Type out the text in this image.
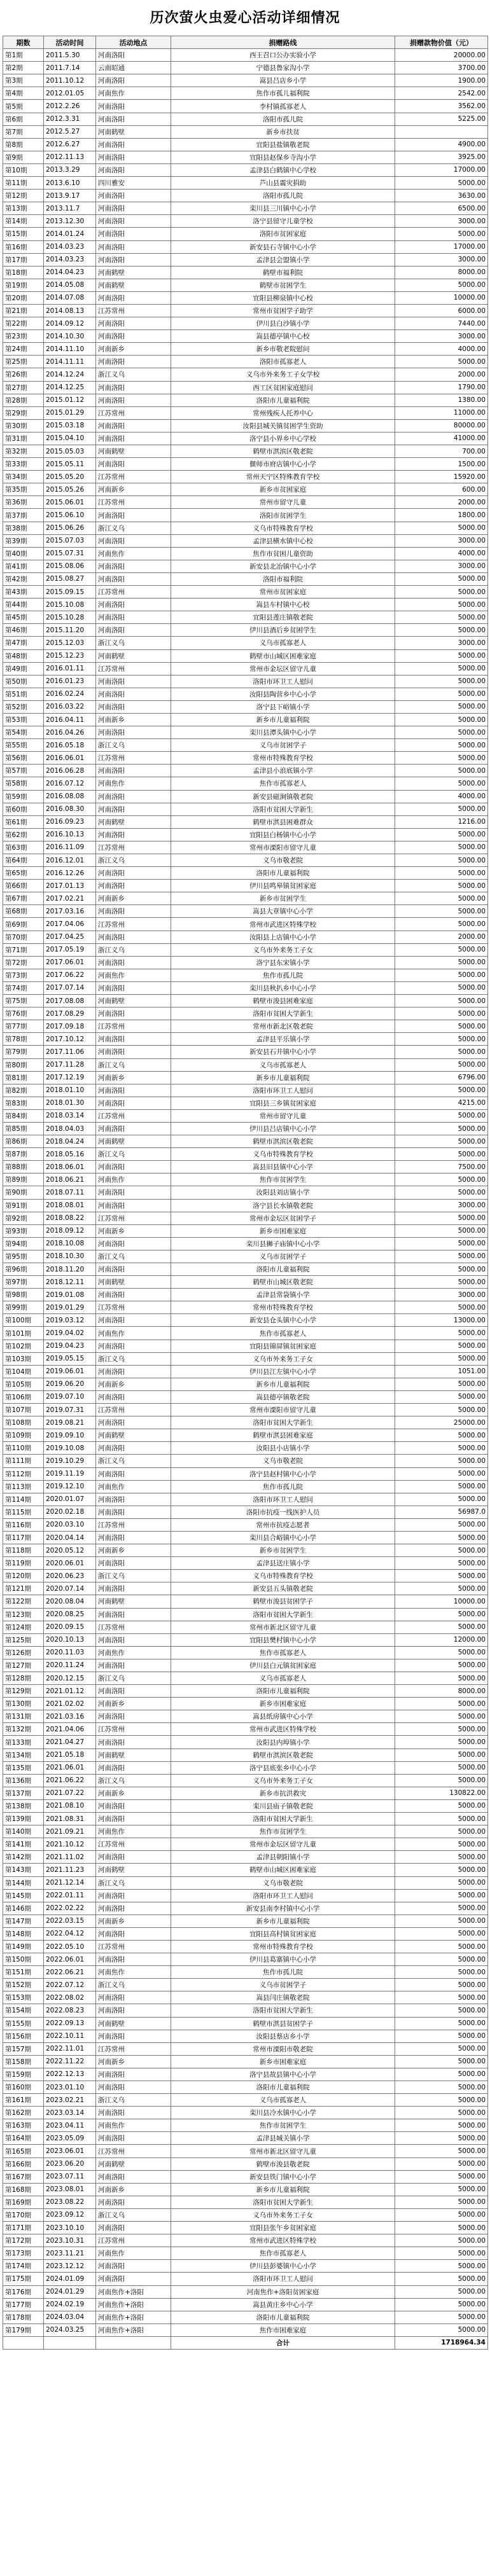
历次萤火虫爱心活动详细情况
期数	活动时间	活动地点	捐赠路线	捐赠款物价值（元）
第1期	2011.5.30	河南洛阳	西王召口公办实验小学	20000.00
第2期	2011.7.14	云南昭通	宁德县鲁家沟小学	3700.00
第3期	2011.10.12	河南洛阳	嵩县吕店乡小学	1900.00
第4期	2012.01.05	河南焦作	焦作市孤儿福利院	2542.00
第5期	2012.2.26	河南洛阳	李村镇孤寡老人	3562.00
第6期	2012.3.31	河南洛阳	洛阳市孤儿院	5225.00
第7期	2012.5.27	河南鹤壁	新乡市扶贫	
第8期	2012.6.27	河南洛阳	宜阳县盐镇敬老院	4900.00
第9期	2012.11.13	河南洛阳	宜阳县赵保乡寺沟小学	3925.00
第10期	2013.3.29	河南洛阳	孟津县白鹤镇中心学校	17000.00
第11期	2013.6.10	四川雅安	芦山县震灾捐助	5000.00
第12期	2013.9.17	河南洛阳	洛阳市孤儿院	3630.00
第13期	2013.11.7	河南洛阳	栾川县三川镇中心小学	6500.00
第14期	2013.12.30	河南洛阳	洛宁县留守儿童学校	3000.00
第15期	2014.01.24	河南洛阳	洛阳市贫困家庭	5000.00
第16期	2014.03.23	河南洛阳	新安县石寺镇中心小学	17000.00
第17期	2014.03.23	河南洛阳	孟津县会盟镇小学	3000.00
第18期	2014.04.23	河南鹤壁	鹤壁市福利院	8000.00
第19期	2014.05.08	河南鹤壁	鹤壁市贫困学生	5000.00
第20期	2014.07.08	河南洛阳	宜阳县柳泉镇中心校	10000.00
第21期	2014.08.13	江苏常州	常州市贫困学子助学	6000.00
第22期	2014.09.12	河南洛阳	伊川县白沙镇小学	7440.00
第23期	2014.10.30	河南洛阳	嵩县德亭镇中心校	3000.00
第24期	2014.11.10	河南新乡	新乡市敬老院慰问	4000.00
第25期	2014.11.11	河南洛阳	洛阳市孤寡老人	5000.00
第26期	2014.12.24	浙江义乌	义乌市外来务工子女学校	2000.00
第27期	2014.12.25	河南洛阳	西工区贫困家庭慰问	1790.00
第28期	2015.01.12	河南洛阳	洛阳市儿童福利院	1380.00
第29期	2015.01.29	江苏常州	常州残疾人托养中心	11000.00
第30期	2015.03.18	河南洛阳	汝阳县城关镇贫困学生资助	80000.00
第31期	2015.04.10	河南洛阳	洛宁县小界乡中心学校	41000.00
第32期	2015.05.03	河南鹤壁	鹤壁市淇滨区敬老院	700.00
第33期	2015.05.11	河南洛阳	偃师市府店镇中心小学	1500.00
第34期	2015.05.20	江苏常州	常州天宁区特殊教育学校	15920.00
第35期	2015.05.26	河南新乡	新乡市贫困家庭	600.00
第36期	2015.06.01	江苏常州	常州市留守儿童	2000.00
第37期	2015.06.10	河南洛阳	洛阳市贫困学生	1800.00
第38期	2015.06.26	浙江义乌	义乌市特殊教育学校	5000.00
第39期	2015.07.03	河南洛阳	孟津县横水镇中心校	3000.00
第40期	2015.07.31	河南焦作	焦作市贫困儿童资助	4000.00
第41期	2015.08.06	河南洛阳	新安县北冶镇中心小学	3000.00
第42期	2015.08.27	河南洛阳	洛阳市福利院	5000.00
第43期	2015.09.15	江苏常州	常州市贫困家庭	5000.00
第44期	2015.10.08	河南洛阳	嵩县车村镇中心校	5000.00
第45期	2015.10.28	河南洛阳	宜阳县莲庄镇敬老院	5000.00
第46期	2015.11.20	河南洛阳	伊川县酒后乡贫困学生	5000.00
第47期	2015.12.03	浙江义乌	义乌市孤寡老人	3000.00
第48期	2015.12.23	河南鹤壁	鹤壁市山城区困难家庭	5000.00
第49期	2016.01.11	江苏常州	常州市金坛区留守儿童	5000.00
第50期	2016.01.23	河南洛阳	洛阳市环卫工人慰问	5000.00
第51期	2016.02.24	河南洛阳	汝阳县陶营乡中心小学	5000.00
第52期	2016.03.22	河南洛阳	洛宁县下峪镇小学	5000.00
第53期	2016.04.11	河南新乡	新乡市儿童福利院	5000.00
第54期	2016.04.26	河南洛阳	栾川县潭头镇中心小学	5000.00
第55期	2016.05.18	浙江义乌	义乌市贫困学子	5000.00
第56期	2016.06.01	江苏常州	常州市特殊教育学校	5000.00
第57期	2016.06.28	河南洛阳	孟津县小浪底镇小学	5000.00
第58期	2016.07.12	河南焦作	焦作市孤寡老人	5000.00
第59期	2016.08.08	河南洛阳	新安县磁涧镇敬老院	4000.00
第60期	2016.08.30	河南洛阳	洛阳市贫困大学新生	5000.00
第61期	2016.09.23	河南鹤壁	鹤壁市淇县困难群众	1216.00
第62期	2016.10.13	河南洛阳	宜阳县白杨镇中心小学	5000.00
第63期	2016.11.09	江苏常州	常州市溧阳市留守儿童	5000.00
第64期	2016.12.01	浙江义乌	义乌市敬老院	5000.00
第65期	2016.12.26	河南洛阳	洛阳市儿童福利院	5000.00
第66期	2017.01.13	河南洛阳	伊川县鸣皋镇贫困家庭	5000.00
第67期	2017.02.21	河南新乡	新乡市贫困学生	5000.00
第68期	2017.03.16	河南洛阳	嵩县大章镇中心小学	5000.00
第69期	2017.04.06	江苏常州	常州市武进区特殊学校	5000.00
第70期	2017.04.25	河南洛阳	汝阳县上店镇中心小学	2000.00
第71期	2017.05.19	浙江义乌	义乌市外来务工子女	5000.00
第72期	2017.06.01	河南洛阳	洛宁县东宋镇小学	5000.00
第73期	2017.06.22	河南焦作	焦作市孤儿院	5000.00
第74期	2017.07.14	河南洛阳	栾川县秋扒乡中心小学	5000.00
第75期	2017.08.08	河南鹤壁	鹤壁市浚县困难家庭	5000.00
第76期	2017.08.29	河南洛阳	洛阳市贫困大学新生	5000.00
第77期	2017.09.18	江苏常州	常州市新北区敬老院	5000.00
第78期	2017.10.12	河南洛阳	孟津县平乐镇小学	5000.00
第79期	2017.11.06	河南洛阳	新安县石井镇中心小学	5000.00
第80期	2017.11.28	浙江义乌	义乌市孤寡老人	5000.00
第81期	2017.12.19	河南新乡	新乡市儿童福利院	6796.00
第82期	2018.01.10	河南洛阳	洛阳市环卫工人慰问	5000.00
第83期	2018.01.30	河南洛阳	宜阳县三乡镇贫困家庭	4215.00
第84期	2018.03.14	江苏常州	常州市留守儿童	5000.00
第85期	2018.04.03	河南洛阳	伊川县吕店镇中心小学	5000.00
第86期	2018.04.24	河南鹤壁	鹤壁市淇滨区敬老院	5000.00
第87期	2018.05.16	浙江义乌	义乌市特殊教育学校	5000.00
第88期	2018.06.01	河南洛阳	嵩县旧县镇中心小学	7500.00
第89期	2018.06.21	河南焦作	焦作市贫困学生	5000.00
第90期	2018.07.11	河南洛阳	汝阳县刘店镇小学	5000.00
第91期	2018.08.01	河南洛阳	洛宁县长水镇敬老院	3000.00
第92期	2018.08.22	江苏常州	常州市金坛区贫困学子	5000.00
第93期	2018.09.12	河南新乡	新乡市困难家庭	5000.00
第94期	2018.10.08	河南洛阳	栾川县狮子庙镇中心小学	5000.00
第95期	2018.10.30	浙江义乌	义乌市贫困学子	5000.00
第96期	2018.11.20	河南洛阳	洛阳市儿童福利院	5000.00
第97期	2018.12.11	河南鹤壁	鹤壁市山城区敬老院	5000.00
第98期	2019.01.08	河南洛阳	孟津县常袋镇小学	3000.00
第99期	2019.01.29	江苏常州	常州市特殊教育学校	5000.00
第100期	2019.03.12	河南洛阳	新安县仓头镇中心小学	13000.00
第101期	2019.04.02	河南焦作	焦作市孤寡老人	5000.00
第102期	2019.04.23	河南洛阳	宜阳县锦屏镇贫困家庭	5000.00
第103期	2019.05.15	浙江义乌	义乌市外来务工子女	5000.00
第104期	2019.06.01	河南洛阳	伊川县江左镇中心小学	1051.00
第105期	2019.06.20	河南新乡	新乡市儿童福利院	5000.00
第106期	2019.07.10	河南洛阳	嵩县德亭镇敬老院	5000.00
第107期	2019.07.31	江苏常州	常州市溧阳市留守儿童	5000.00
第108期	2019.08.21	河南洛阳	洛阳市贫困大学新生	25000.00
第109期	2019.09.10	河南鹤壁	鹤壁市淇县困难家庭	5000.00
第110期	2019.10.08	河南洛阳	汝阳县小店镇小学	5000.00
第111期	2019.10.29	浙江义乌	义乌市敬老院	5000.00
第112期	2019.11.19	河南洛阳	洛宁县赵村镇中心小学	5000.00
第113期	2019.12.10	河南焦作	焦作市孤儿院	5000.00
第114期	2020.01.07	河南洛阳	洛阳市环卫工人慰问	5000.00
第115期	2020.02.18	河南洛阳	洛阳市抗疫一线医护人员	56987.0
第116期	2020.03.10	江苏常州	常州市抗疫志愿者	5000.00
第117期	2020.04.14	河南洛阳	栾川县合峪镇中心小学	5000.00
第118期	2020.05.12	河南新乡	新乡市贫困学生	5000.00
第119期	2020.06.01	河南洛阳	孟津县送庄镇小学	5000.00
第120期	2020.06.23	浙江义乌	义乌市特殊教育学校	5000.00
第121期	2020.07.14	河南洛阳	新安县五头镇敬老院	5000.00
第122期	2020.08.04	河南鹤壁	鹤壁市浚县贫困学子	10000.00
第123期	2020.08.25	河南洛阳	洛阳市贫困大学新生	5000.00
第124期	2020.09.15	江苏常州	常州市新北区留守儿童	5000.00
第125期	2020.10.13	河南洛阳	宜阳县樊村镇中心小学	12000.00
第126期	2020.11.03	河南焦作	焦作市孤寡老人	5000.00
第127期	2020.11.24	河南洛阳	伊川县白元镇贫困家庭	5000.00
第128期	2020.12.15	浙江义乌	义乌市孤寡老人	5000.00
第129期	2021.01.12	河南洛阳	洛阳市儿童福利院	8000.00
第130期	2021.02.02	河南新乡	新乡市困难家庭	5000.00
第131期	2021.03.16	河南洛阳	嵩县纸房镇中心小学	5000.00
第132期	2021.04.06	江苏常州	常州市武进区特殊学校	5000.00
第133期	2021.04.27	河南洛阳	汝阳县内埠镇小学	5000.00
第134期	2021.05.18	河南鹤壁	鹤壁市淇滨区敬老院	5000.00
第135期	2021.06.01	河南洛阳	洛宁县底张乡中心小学	5000.00
第136期	2021.06.22	浙江义乌	义乌市外来务工子女	5000.00
第137期	2021.07.22	河南新乡	新乡市抗洪救灾	130822.00
第138期	2021.08.10	河南洛阳	栾川县庙子镇敬老院	5000.00
第139期	2021.08.31	河南洛阳	洛阳市贫困大学新生	5000.00
第140期	2021.09.21	河南焦作	焦作市贫困学生	5000.00
第141期	2021.10.12	江苏常州	常州市金坛区留守儿童	5000.00
第142期	2021.11.02	河南洛阳	孟津县朝阳镇小学	5000.00
第143期	2021.11.23	河南鹤壁	鹤壁市山城区困难家庭	5000.00
第144期	2021.12.14	浙江义乌	义乌市敬老院	5000.00
第145期	2022.01.11	河南洛阳	洛阳市环卫工人慰问	5000.00
第146期	2022.02.22	河南洛阳	新安县南李村镇中心小学	5000.00
第147期	2022.03.15	河南新乡	新乡市儿童福利院	5000.00
第148期	2022.04.12	河南洛阳	宜阳县高村镇贫困家庭	5000.00
第149期	2022.05.10	江苏常州	常州市特殊教育学校	5000.00
第150期	2022.06.01	河南洛阳	伊川县葛寨镇中心小学	5000.00
第151期	2022.06.21	河南焦作	焦作市孤儿院	5000.00
第152期	2022.07.12	浙江义乌	义乌市贫困学子	5000.00
第153期	2022.08.02	河南洛阳	嵩县闫庄镇敬老院	5000.00
第154期	2022.08.23	河南洛阳	洛阳市贫困大学新生	5000.00
第155期	2022.09.13	河南鹤壁	鹤壁市淇县贫困学子	5000.00
第156期	2022.10.11	河南洛阳	汝阳县蔡店乡小学	5000.00
第157期	2022.11.01	江苏常州	常州市溧阳市敬老院	5000.00
第158期	2022.11.22	河南新乡	新乡市困难家庭	5000.00
第159期	2022.12.13	河南洛阳	洛宁县故县镇中心小学	5000.00
第160期	2023.01.10	河南洛阳	洛阳市儿童福利院	5000.00
第161期	2023.02.21	浙江义乌	义乌市孤寡老人	5000.00
第162期	2023.03.14	河南洛阳	栾川县冷水镇中心小学	5000.00
第163期	2023.04.11	河南焦作	焦作市贫困学生	5000.00
第164期	2023.05.09	河南洛阳	孟津县城关镇小学	5000.00
第165期	2023.06.01	江苏常州	常州市新北区留守儿童	5000.00
第166期	2023.06.20	河南鹤壁	鹤壁市浚县敬老院	5000.00
第167期	2023.07.11	河南洛阳	新安县铁门镇中心小学	5000.00
第168期	2023.08.01	河南新乡	新乡市儿童福利院	5000.00
第169期	2023.08.22	河南洛阳	洛阳市贫困大学新生	5000.00
第170期	2023.09.12	浙江义乌	义乌市外来务工子女	5000.00
第171期	2023.10.10	河南洛阳	宜阳县张午乡贫困家庭	5000.00
第172期	2023.10.31	江苏常州	常州市武进区特殊学校	5000.00
第173期	2023.11.21	河南焦作	焦作市孤寡老人	5000.00
第174期	2023.12.12	河南洛阳	伊川县彭婆镇中心小学	5000.00
第175期	2024.01.09	河南洛阳	洛阳市环卫工人慰问	5000.00
第176期	2024.01.29	河南焦作+洛阳	河南焦作+洛阳贫困家庭	5000.00
第177期	2024.02.19	河南焦作+洛阳	嵩县黄庄乡中心小学	5000.00
第178期	2024.03.04	河南焦作+洛阳	洛阳市儿童福利院	5000.00
第179期	2024.03.25	河南焦作+洛阳	焦作市困难家庭	5000.00
			合计	1718964.34
